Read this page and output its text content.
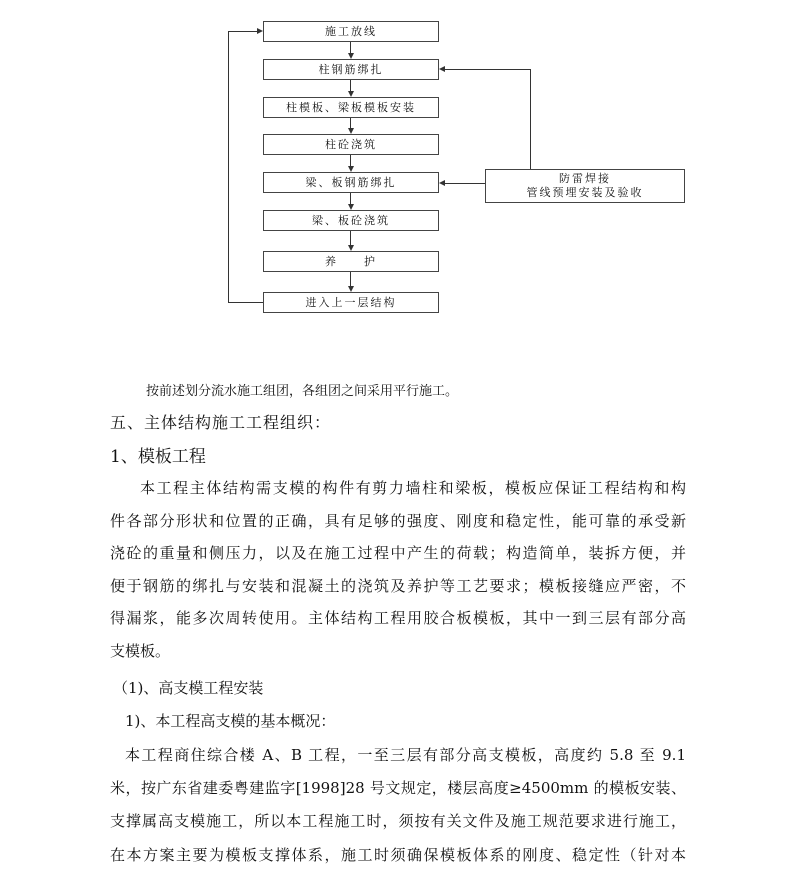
施工放线
柱钢筋绑扎
柱模板、梁板模板安装
柱砼浇筑
梁、板钢筋绑扎
梁、板砼浇筑
养　　护
进入上一层结构
防雷焊接
管线预埋安装及验收
按前述划分流水施工组团，各组团之间采用平行施工。
五、主体结构施工工程组织：
1、模板工程
本工程主体结构需支模的构件有剪力墙柱和梁板，模板应保证工程结构和构
件各部分形状和位置的正确，具有足够的强度、刚度和稳定性，能可靠的承受新
浇砼的重量和侧压力，以及在施工过程中产生的荷载；构造简单，装拆方便，并
便于钢筋的绑扎与安装和混凝土的浇筑及养护等工艺要求；模板接缝应严密，不
得漏浆，能多次周转使用。主体结构工程用胶合板模板，其中一到三层有部分高
支模板。
（1)、高支模工程安装
1)、本工程高支模的基本概况：
本工程商住综合楼 A、B 工程，一至三层有部分高支模板，高度约 5.8 至 9.1
米，按广东省建委粤建监字[1998]28 号文规定，楼层高度≥4500mm 的模板安装、
支撑属高支模施工，所以本工程施工时，须按有关文件及施工规范要求进行施工，
在本方案主要为模板支撑体系，施工时须确保模板体系的刚度、稳定性（针对本
